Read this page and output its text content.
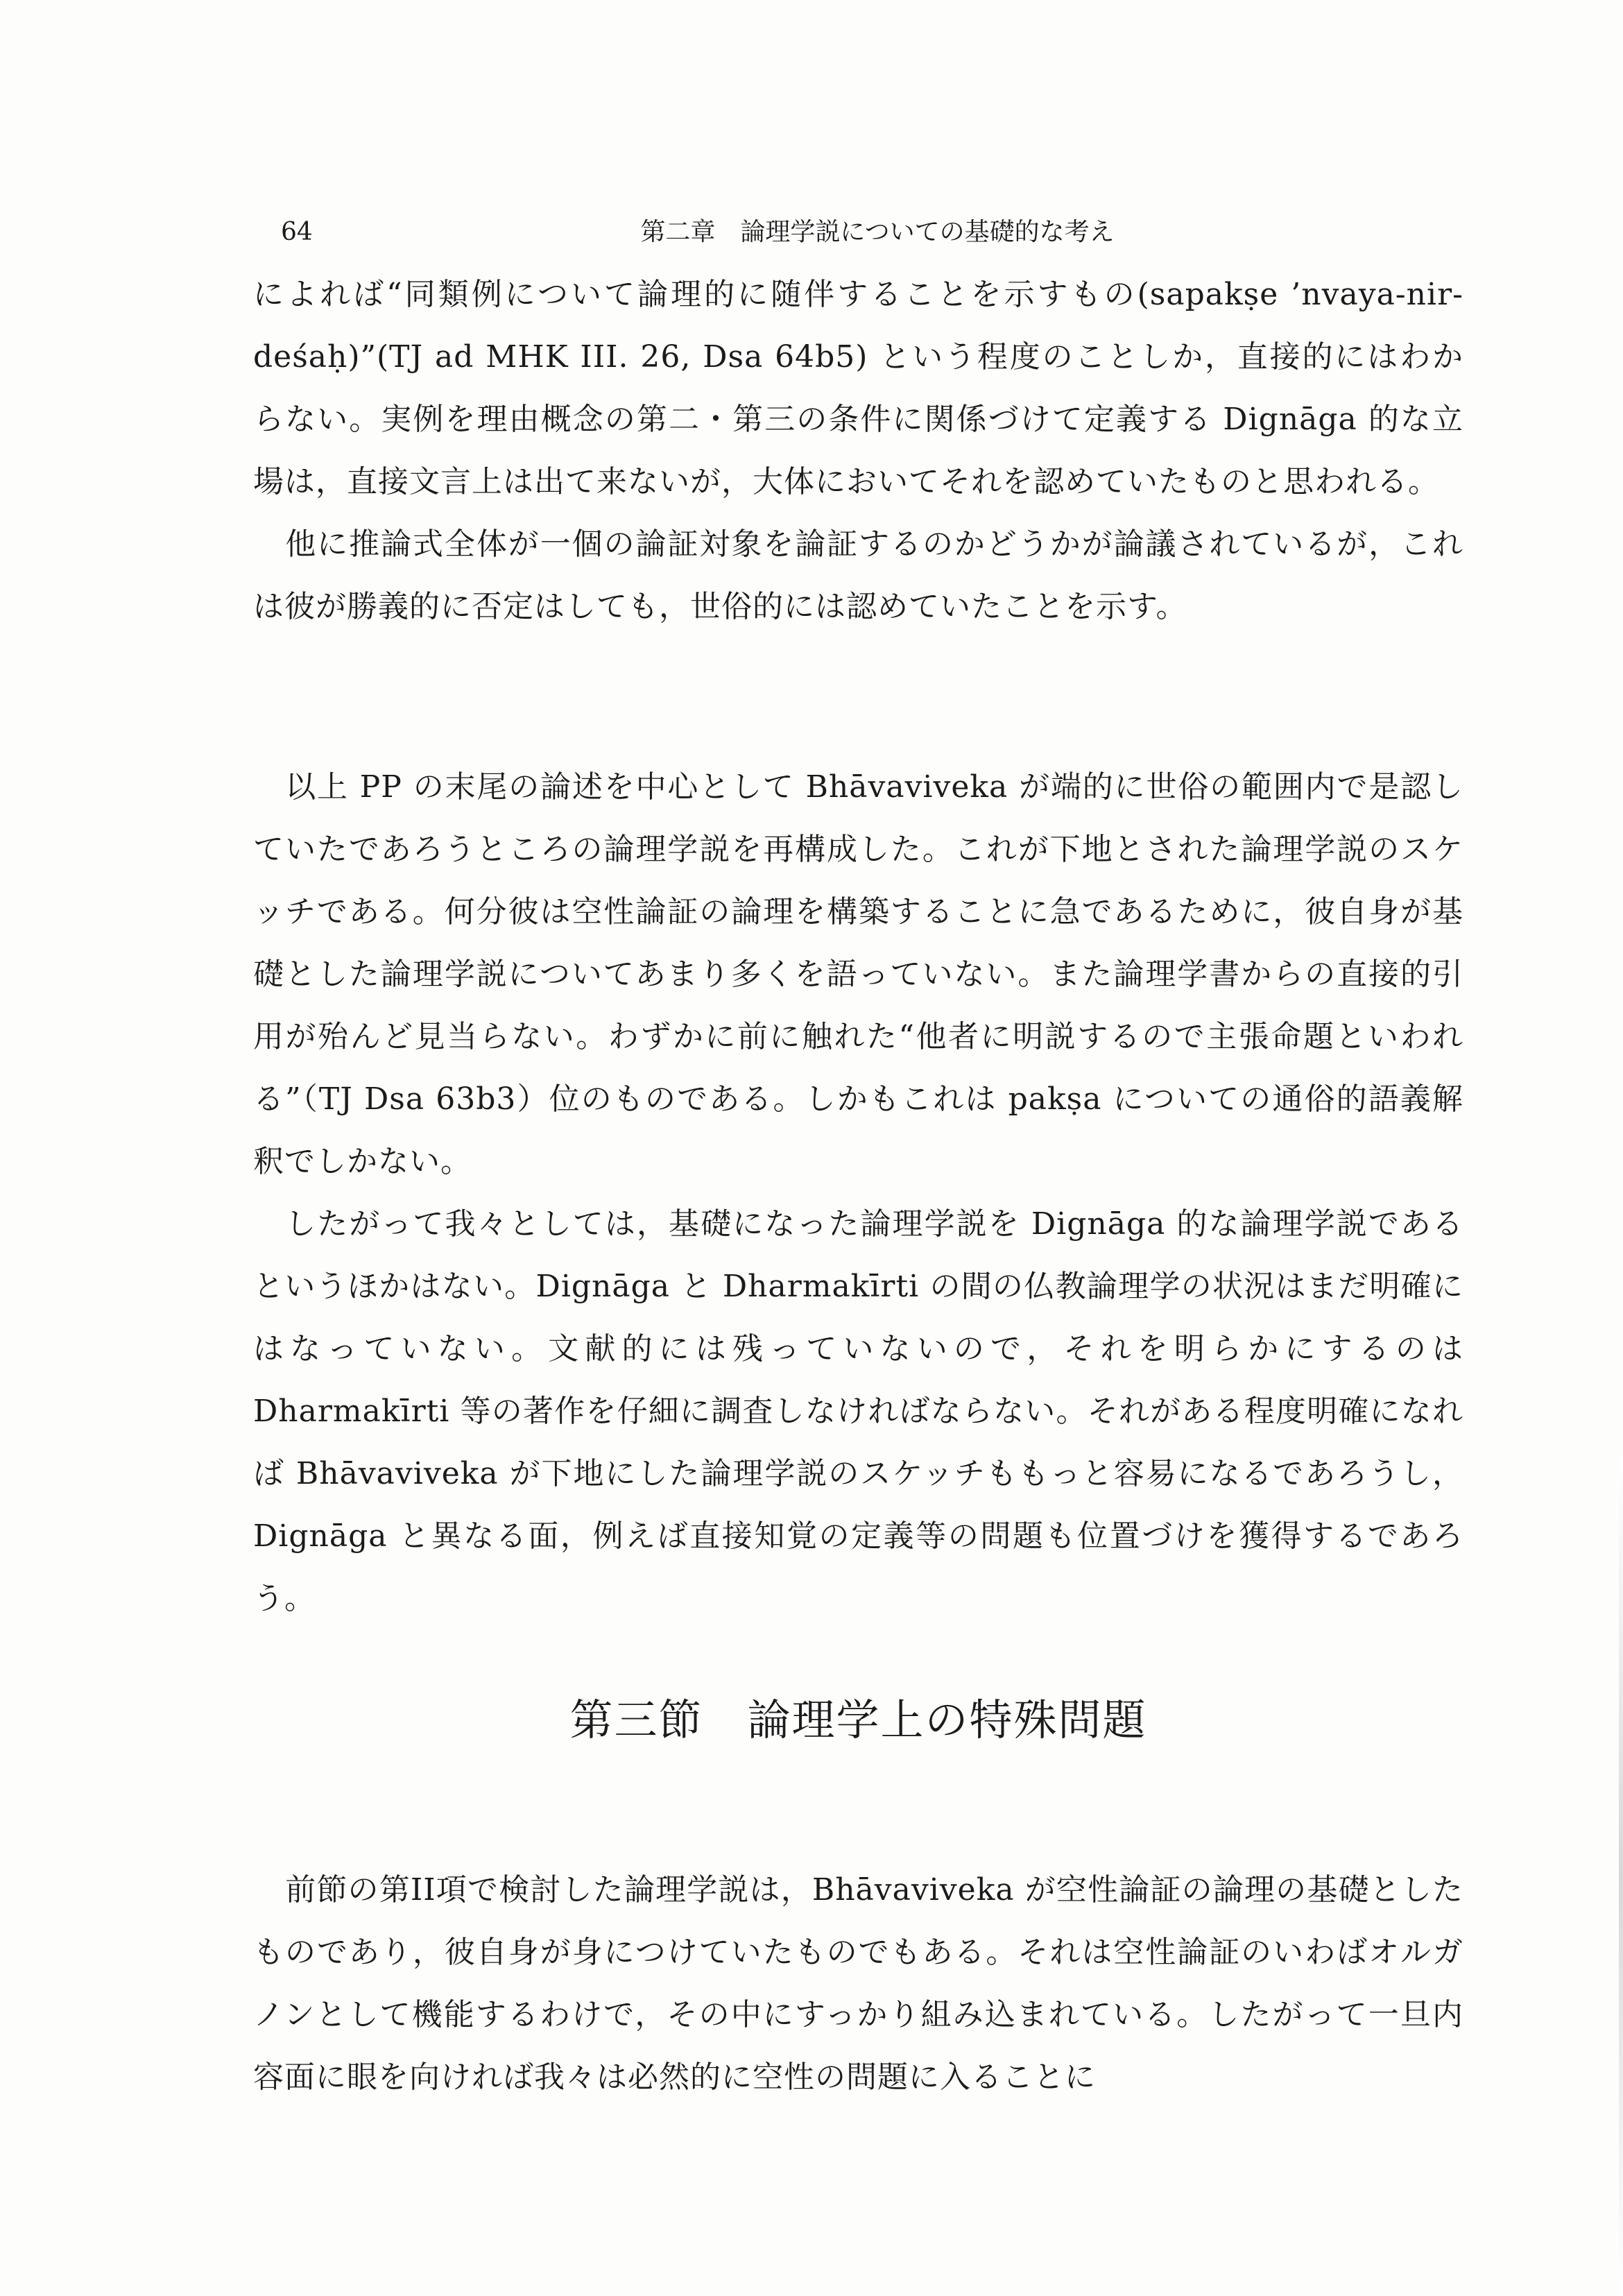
64	第二章　論理学説についての基礎的な考え

によれば“同類例について論理的に随伴することを示すもの(sapakṣe ’nvaya-nir-deśaḥ)”(TJ ad MHK III. 26, Dsa 64b5) という程度のことしか，直接的にはわからない。実例を理由概念の第二・第三の条件に関係づけて定義する Dignāga 的な立場は，直接文言上は出て来ないが，大体においてそれを認めていたものと思われる。

他に推論式全体が一個の論証対象を論証するのかどうかが論議されているが，これは彼が勝義的に否定はしても，世俗的には認めていたことを示す。

以上 PP の末尾の論述を中心として Bhāvaviveka が端的に世俗の範囲内で是認していたであろうところの論理学説を再構成した。これが下地とされた論理学説のスケッチである。何分彼は空性論証の論理を構築することに急であるために，彼自身が基礎とした論理学説についてあまり多くを語っていない。また論理学書からの直接的引用が殆んど見当らない。わずかに前に触れた“他者に明説するので主張命題といわれる”（TJ Dsa 63b3）位のものである。しかもこれは pakṣa についての通俗的語義解釈でしかない。

したがって我々としては，基礎になった論理学説を Dignāga 的な論理学説であるというほかはない。Dignāga と Dharmakīrti の間の仏教論理学の状況はまだ明確にはなっていない。文献的には残っていないので，それを明らかにするのはDharmakīrti 等の著作を仔細に調査しなければならない。それがある程度明確になれば Bhāvaviveka が下地にした論理学説のスケッチももっと容易になるであろうし，Dignāga と異なる面，例えば直接知覚の定義等の問題も位置づけを獲得するであろう。

第三節　論理学上の特殊問題

前節の第II項で検討した論理学説は，Bhāvaviveka が空性論証の論理の基礎としたものであり，彼自身が身につけていたものでもある。それは空性論証のいわばオルガノンとして機能するわけで，その中にすっかり組み込まれている。したがって一旦内容面に眼を向ければ我々は必然的に空性の問題に入ることに
